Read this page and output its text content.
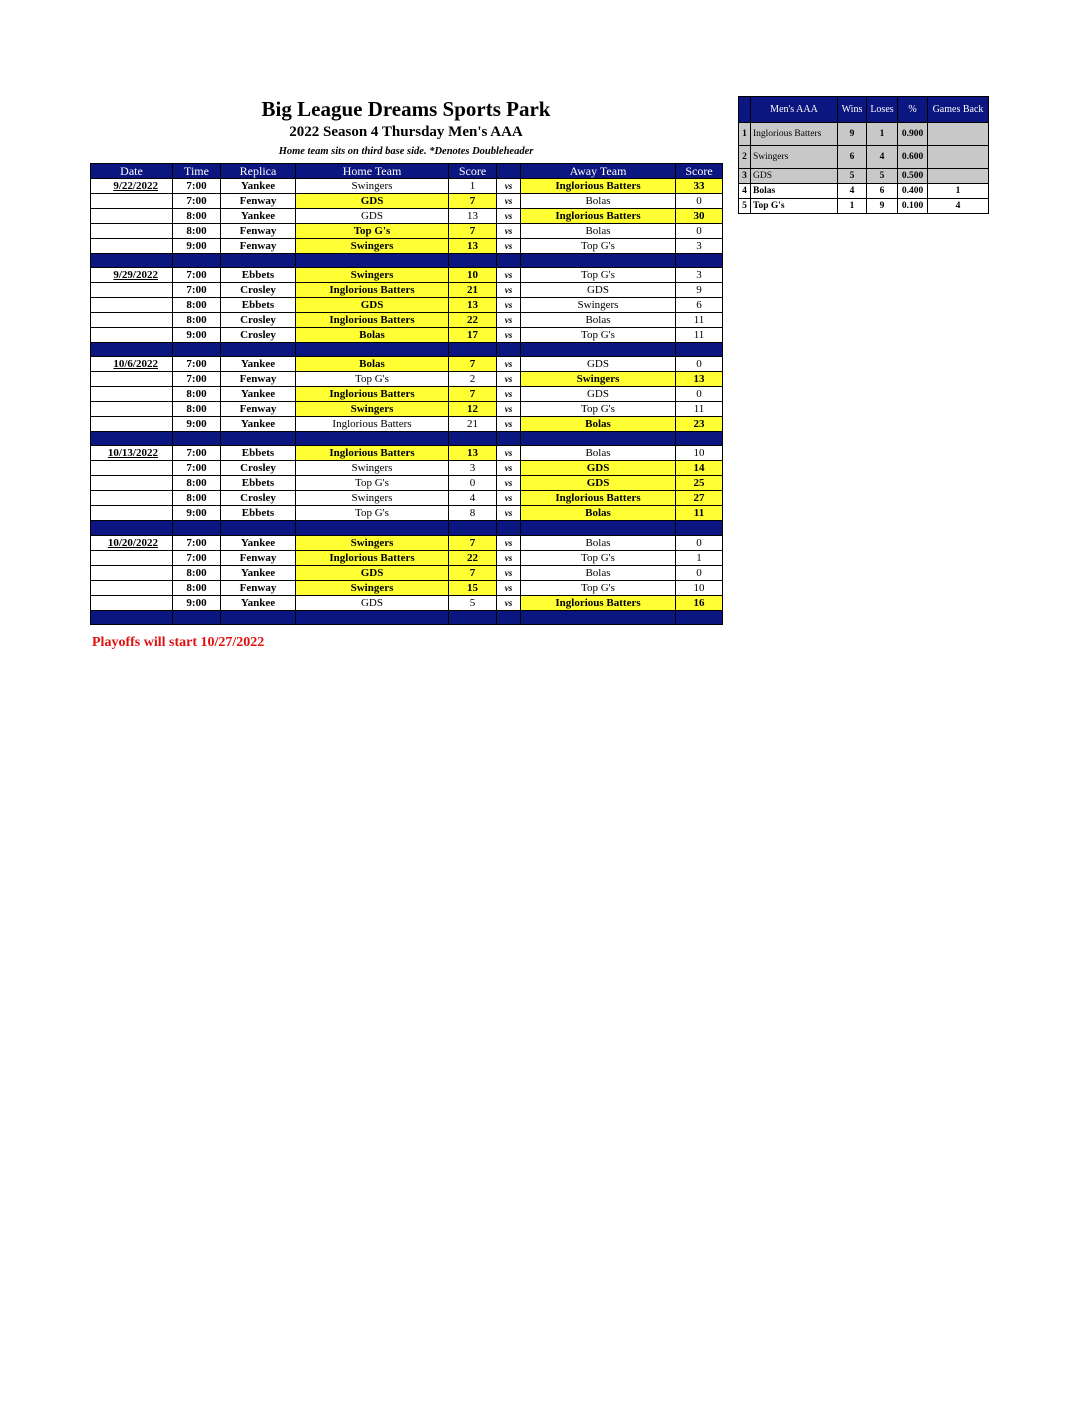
Big League Dreams Sports Park
2022 Season 4 Thursday Men's AAA
Home team sits on third base side. *Denotes Doubleheader
Date	Time	Replica	Home Team	Score		Away Team	Score
9/22/2022	7:00	Yankee	Swingers	1	vs	Inglorious Batters	33
	7:00	Fenway	GDS	7	vs	Bolas	0
	8:00	Yankee	GDS	13	vs	Inglorious Batters	30
	8:00	Fenway	Top G's	7	vs	Bolas	0
	9:00	Fenway	Swingers	13	vs	Top G's	3

9/29/2022	7:00	Ebbets	Swingers	10	vs	Top G's	3
	7:00	Crosley	Inglorious Batters	21	vs	GDS	9
	8:00	Ebbets	GDS	13	vs	Swingers	6
	8:00	Crosley	Inglorious Batters	22	vs	Bolas	11
	9:00	Crosley	Bolas	17	vs	Top G's	11

10/6/2022	7:00	Yankee	Bolas	7	vs	GDS	0
	7:00	Fenway	Top G's	2	vs	Swingers	13
	8:00	Yankee	Inglorious Batters	7	vs	GDS	0
	8:00	Fenway	Swingers	12	vs	Top G's	11
	9:00	Yankee	Inglorious Batters	21	vs	Bolas	23

10/13/2022	7:00	Ebbets	Inglorious Batters	13	vs	Bolas	10
	7:00	Crosley	Swingers	3	vs	GDS	14
	8:00	Ebbets	Top G's	0	vs	GDS	25
	8:00	Crosley	Swingers	4	vs	Inglorious Batters	27
	9:00	Ebbets	Top G's	8	vs	Bolas	11

10/20/2022	7:00	Yankee	Swingers	7	vs	Bolas	0
	7:00	Fenway	Inglorious Batters	22	vs	Top G's	1
	8:00	Yankee	GDS	7	vs	Bolas	0
	8:00	Fenway	Swingers	15	vs	Top G's	10
	9:00	Yankee	GDS	5	vs	Inglorious Batters	16

	Men's AAA	Wins	Loses	%	Games Back
1	Inglorious Batters	9	1	0.900	
2	Swingers	6	4	0.600	
3	GDS	5	5	0.500	
4	Bolas	4	6	0.400	1
5	Top G's	1	9	0.100	4
Playoffs will start 10/27/2022
